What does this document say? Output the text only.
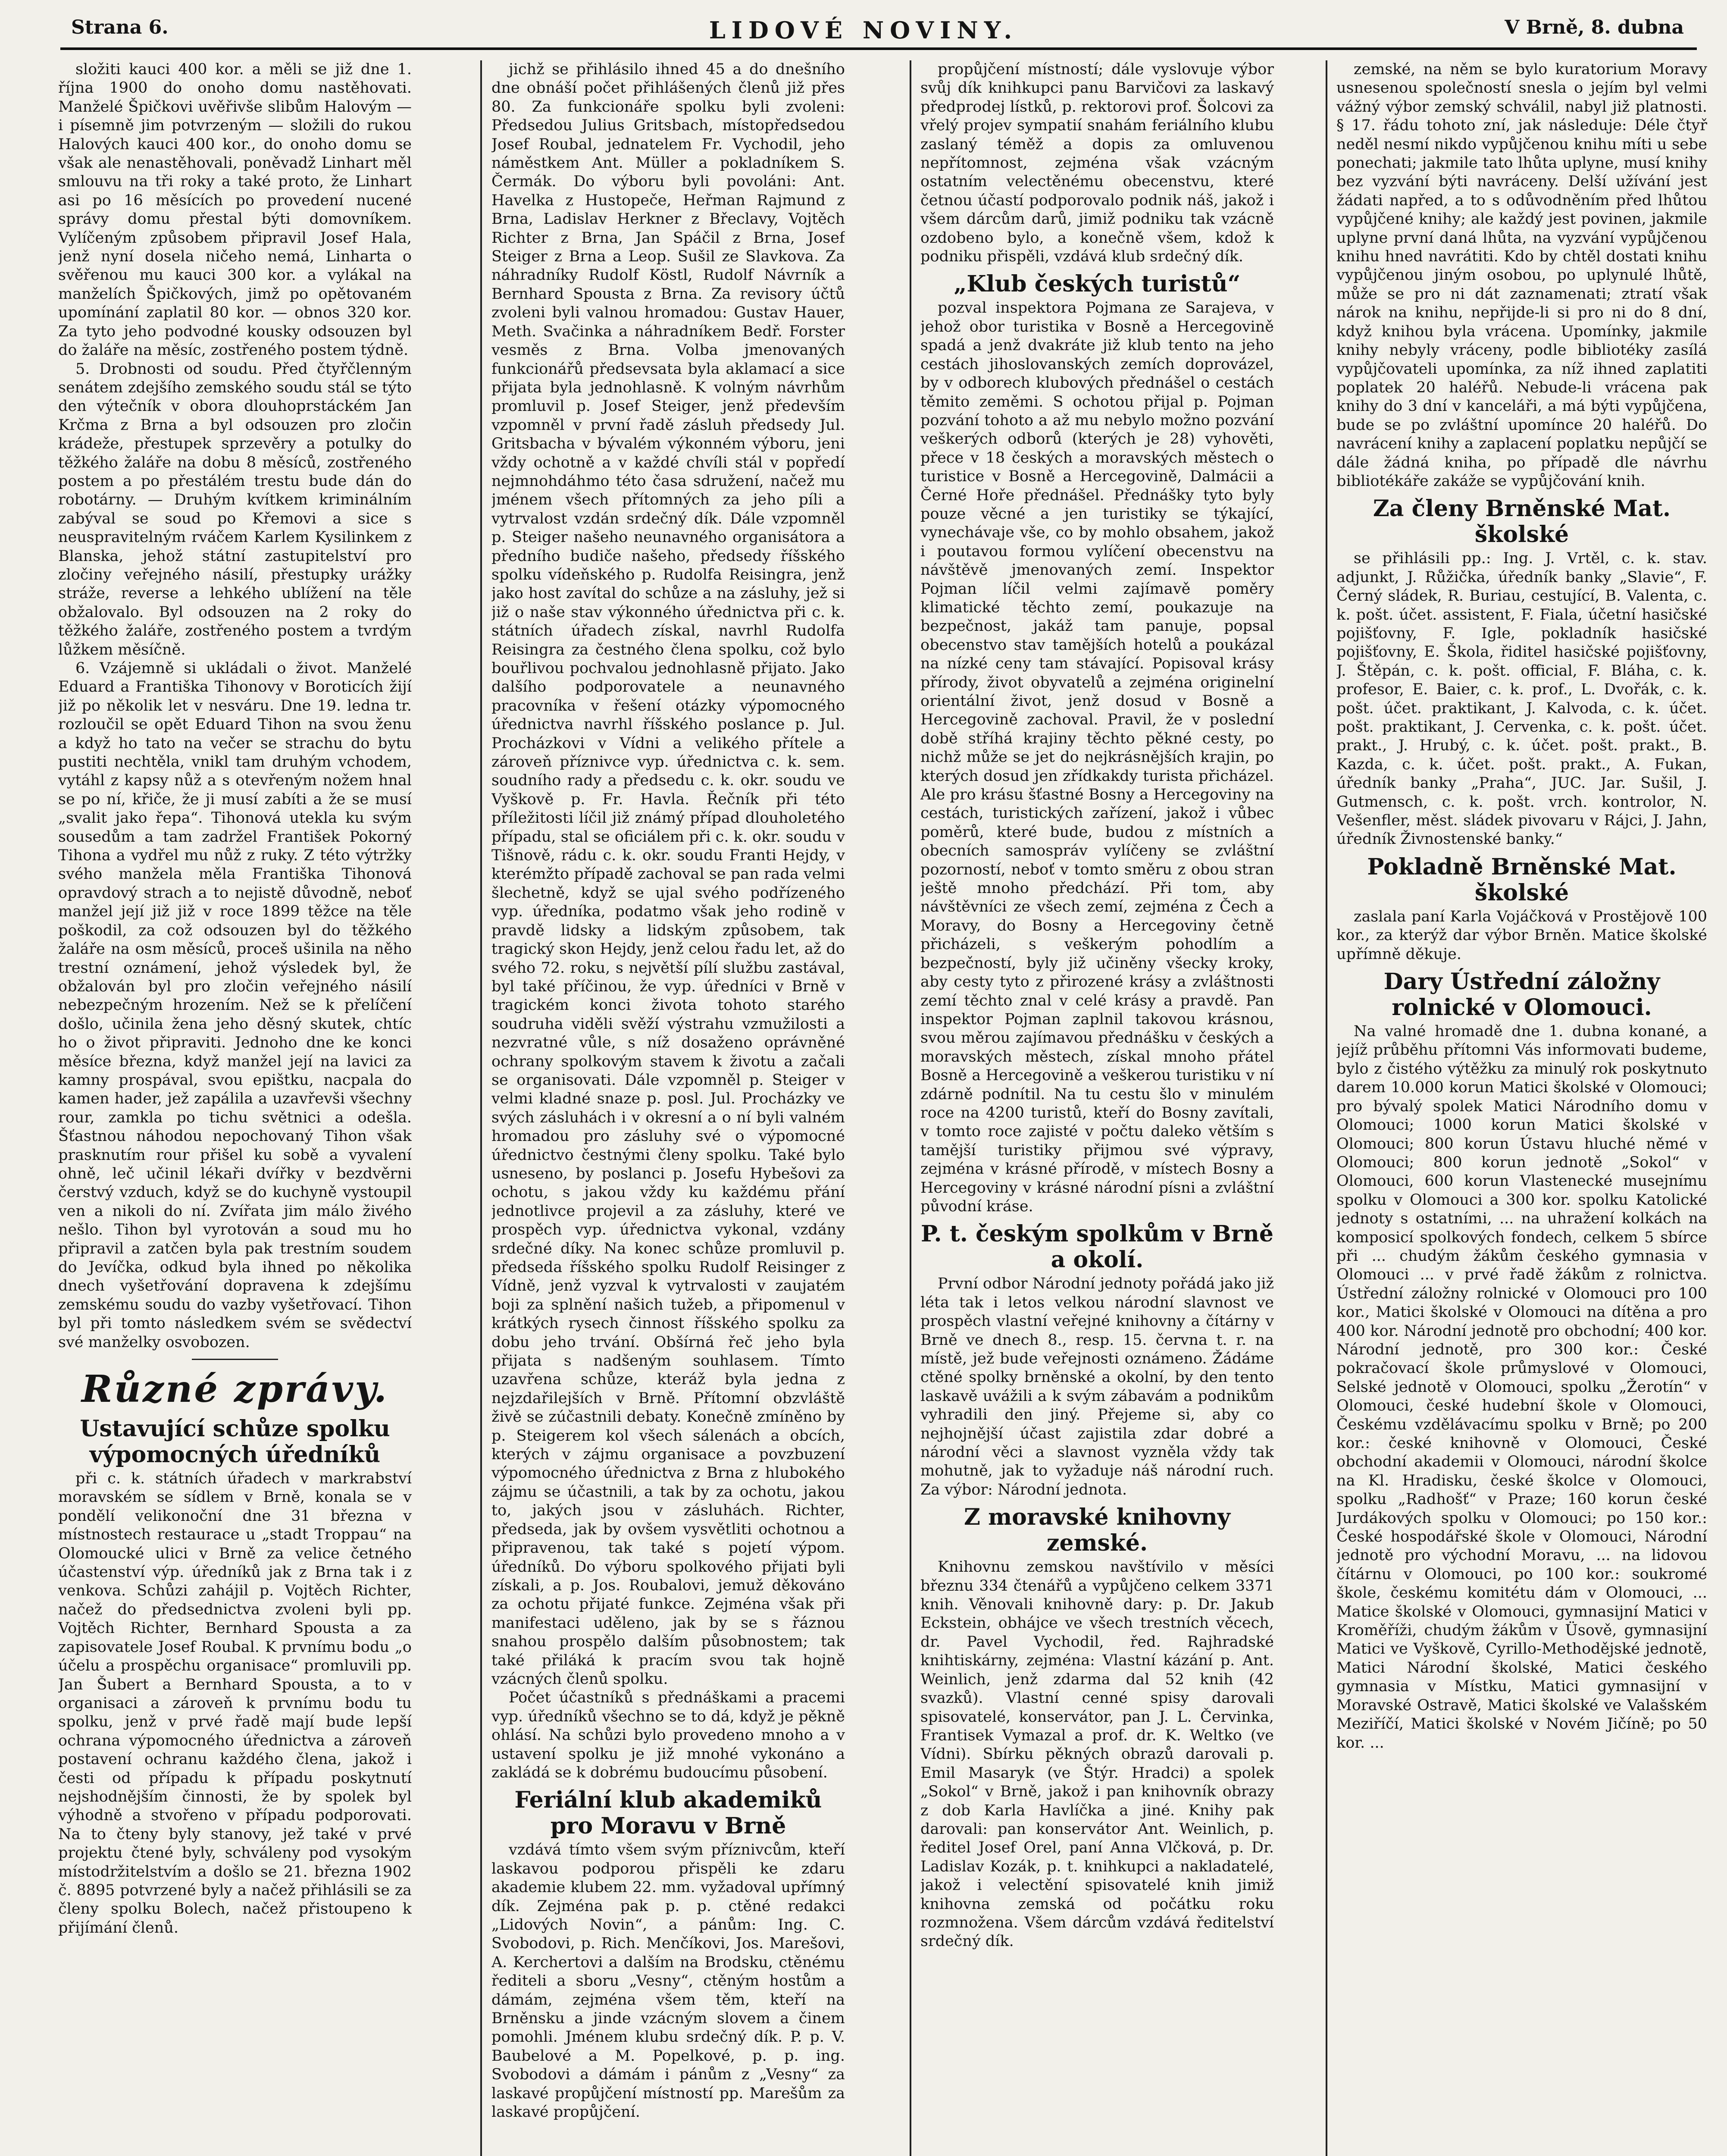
Strana 6.	LIDOVÉ NOVINY.	V Brně, 8. dubna

složiti kauci 400 kor. a měli se již dne 1. října 1900 do onoho domu nastěhovati. Manželé Špičkovi uvěřivše slibům Halovým — i písemně jim potvrzeným — složili do rukou Halových kauci 400 kor., do onoho domu se však ale nenastěhovali, poněvadž Linhart měl smlouvu na tři roky a také proto, že Linhart asi po 16 měsících po provedení nucené správy domu přestal býti domovníkem. Vylíčeným způsobem připravil Josef Hala, jenž nyní dosela ničeho nemá, Linharta o svěřenou mu kauci 300 kor. a vylákal na manželích Špičkových, jimž po opětovaném upomínání zaplatil 80 kor. — obnos 320 kor. Za tyto jeho podvodné kousky odsouzen byl do žaláře na měsíc, zostřeného postem týdně.

5. Drobnosti od soudu. Před čtyřčlenným senátem zdejšího zemského soudu stál se týto den výtečník v obora dlouhoprstáckém Jan Krčma z Brna a byl odsouzen pro zločin krádeže, přestupek sprzevěry a potulky do těžkého žaláře na dobu 8 měsíců, zostřeného postem a po přestálém trestu bude dán do robotárny. — Druhým kvítkem kriminálním zabýval se soud po Křemovi a sice s neuspravitelným rváčem Karlem Kysilinkem z Blanska, jehož státní zastupitelství pro zločiny veřejného násilí, přestupky urážky stráže, reverse a lehkého ublížení na těle obžalovalo. Byl odsouzen na 2 roky do těžkého žaláře, zostřeného postem a tvrdým lůžkem měsíčně.

6. Vzájemně si ukládali o život. Manželé Eduard a Františka Tihonovy v Boroticích žijí již po několik let v nesváru. Dne 19. ledna tr. rozloučil se opět Eduard Tihon na svou ženu a když ho tato na večer se strachu do bytu pustiti nechtěla, vnikl tam druhým vchodem, vytáhl z kapsy nůž a s otevřeným nožem hnal se po ní, křiče, že ji musí zabíti a že se musí „svalit jako řepa“. Tihonová utekla ku svým sousedům a tam zadržel František Pokorný Tihona a vydřel mu nůž z ruky. Z této výtržky svého manžela měla Františka Tihonová opravdový strach a to nejistě důvodně, neboť manžel její již již v roce 1899 těžce na těle poškodil, za což odsouzen byl do těžkého žaláře na osm měsíců, proceš ušinila na něho trestní oznámení, jehož výsledek byl, že obžalován byl pro zločin veřejného násilí nebezpečným hrozením. Než se k přelíčení došlo, učinila žena jeho děsný skutek, chtíc ho o život připraviti. Jednoho dne ke konci měsíce března, když manžel její na lavici za kamny prospával, svou epištku, nacpala do kamen hader, jež zapálila a uzavřevši všechny rour, zamkla po tichu světnici a odešla. Šťastnou náhodou nepochovaný Tihon však prasknutím rour přišel ku sobě a vyvalení ohně, leč učinil lékaři dvířky v bezdvěrni čerstvý vzduch, když se do kuchyně vystoupil ven a nikoli do ní. Zvířata jim málo živého nešlo. Tihon byl vyrotován a soud mu ho připravil a zatčen byla pak trestním soudem do Jevíčka, odkud byla ihned po několika dnech vyšetřování dopravena k zdejšímu zemskému soudu do vazby vyšetřovací. Tihon byl při tomto následkem svém se svědectví své manželky osvobozen.

Různé zprávy.
Ustavující schůze spolku výpomocných úředníků

při c. k. státních úřadech v markrabství moravském se sídlem v Brně, konala se v pondělí velikonoční dne 31 března v místnostech restaurace u „stadt Troppau“ na Olomoucké ulici v Brně za velice četného účastenství výp. úředníků jak z Brna tak i z venkova. Schůzi zahájil p. Vojtěch Richter, načež do předsednictva zvoleni byli pp. Vojtěch Richter, Bernhard Spousta a za zapisovatele Josef Roubal. K prvnímu bodu „o účelu a prospěchu organisace“ promluvili pp. Jan Šubert a Bernhard Spousta, a to v organisaci a zároveň k prvnímu bodu tu spolku, jenž v prvé řadě mají bude lepší ochrana výpomocného úřednictva a zároveň postavení ochranu každého člena, jakož i česti od případu k případu poskytnutí nejshodnějším činnosti, že by spolek byl výhodně a stvořeno v případu podporovati. Na to čteny byly stanovy, jež také v prvé projektu čtené byly, schváleny pod vysokým místodržitelstvím a došlo se 21. března 1902 č. 8895 potvrzené byly a načež přihlásili se za členy spolku Bolech, načež přistoupeno k přijímání členů.

jichž se přihlásilo ihned 45 a do dnešního dne obnáší počet přihlášených členů již přes 80. Za funkcionáře spolku byli zvoleni: Předsedou Julius Gritsbach, místopředsedou Josef Roubal, jednatelem Fr. Vychodil, jeho náměstkem Ant. Müller a pokladníkem S. Čermák. Do výboru byli povoláni: Ant. Havelka z Hustopeče, Heřman Rajmund z Brna, Ladislav Herkner z Břeclavy, Vojtěch Richter z Brna, Jan Spáčil z Brna, Josef Steiger z Brna a Leop. Sušil ze Slavkova. Za náhradníky Rudolf Köstl, Rudolf Návrník a Bernhard Spousta z Brna. Za revisory účtů zvoleni byli valnou hromadou: Gustav Hauer, Meth. Svačinka a náhradníkem Bedř. Forster vesměs z Brna. Volba jmenovaných funkcionářů předsevsata byla aklamací a sice přijata byla jednohlasně. K volným návrhům promluvil p. Josef Steiger, jenž především vzpomněl v první řadě zásluh předsedy Jul. Gritsbacha v bývalém výkonném výboru, jeni vždy ochotně a v každé chvíli stál v popředí nejmnohdáhmo této časa sdružení, načež mu jménem všech přítomných za jeho píli a vytrvalost vzdán srdečný dík. Dále vzpomněl p. Steiger našeho neunavného organisátora a předního budiče našeho, předsedy říšského spolku vídeňského p. Rudolfa Reisingra, jenž jako host zavítal do schůze a na zásluhy, jež si již o naše stav výkonného úřednictva při c. k. státních úřadech získal, navrhl Rudolfa Reisingra za čestného člena spolku, což bylo bouřlivou pochvalou jednohlasně přijato. Jako dalšího podporovatele a neunavného pracovníka v řešení otázky výpomocného úřednictva navrhl říšského poslance p. Jul. Procházkovi v Vídni a velikého přítele a zároveň příznivce vyp. úřednictva c. k. sem. soudního rady a předsedu c. k. okr. soudu ve Vyškově p. Fr. Havla. Řečník při této příležitosti líčil již známý případ dlouholetého případu, stal se oficiálem při c. k. okr. soudu v Tišnově, rádu c. k. okr. soudu Franti Hejdy, v kterémžto případě zachoval se pan rada velmi šlechetně, když se ujal svého podřízeného vyp. úředníka, podatmo však jeho rodině v pravdě lidsky a lidským způsobem, tak tragický skon Hejdy, jenž celou řadu let, až do svého 72. roku, s největší pílí službu zastával, byl také příčinou, že vyp. úředníci v Brně v tragickém konci života tohoto starého soudruha viděli svěží výstrahu vzmužilosti a nezvratné vůle, s níž dosaženo oprávněné ochrany spolkovým stavem k životu a začali se organisovati. Dále vzpomněl p. Steiger v velmi kladné snaze p. posl. Jul. Procházky ve svých zásluhách i v okresní a o ní byli valném hromadou pro zásluhy své o výpomocné úřednictvo čestnými členy spolku. Také bylo usneseno, by poslanci p. Josefu Hybešovi za ochotu, s jakou vždy ku každému přání jednotlivce projevil a za zásluhy, které ve prospěch vyp. úřednictva vykonal, vzdány srdečné díky. Na konec schůze promluvil p. předseda říšského spolku Rudolf Reisinger z Vídně, jenž vyzval k vytrvalosti v zaujatém boji za splnění našich tužeb, a připomenul v krátkých rysech činnost říšského spolku za dobu jeho trvání. Obšírná řeč jeho byla přijata s nadšeným souhlasem. Tímto uzavřena schůze, kteráž byla jedna z nejzdařilejších v Brně. Přítomní obzvláště živě se zúčastnili debaty. Konečně zmíněno by p. Steigerem kol všech sálenách a obcích, kterých v zájmu organisace a povzbuzení výpomocného úřednictva z Brna z hlubokého zájmu se účastnili, a tak by za ochotu, jakou to, jakých jsou v zásluhách. Richter, předseda, jak by ovšem vysvětliti ochotnou a připravenou, tak také s pojetí výpom. úředníků. Do výboru spolkového přijati byli získali, a p. Jos. Roubalovi, jemuž děkováno za ochotu přijaté funkce. Zejména však při manifestaci uděleno, jak by se s řáznou snahou prospělo dalším působnostem; tak také přiláká k pracím svou tak hojně vzácných členů spolku.

Počet účastníků s přednáškami a pracemi vyp. úředníků všechno se to dá, když je pěkně ohlásí. Na schůzi bylo provedeno mnoho a v ustavení spolku je již mnohé vykonáno a zakládá se k dobrému budoucímu působení.

Feriální klub akademiků pro Moravu v Brně

vzdává tímto všem svým příznivcům, kteří laskavou podporou přispěli ke zdaru akademie klubem 22. mm. vyžadoval upřímný dík. Zejména pak p. p. ctěné redakci „Lidových Novin“, a pánům: Ing. C. Svobodovi, p. Rich. Menčíkovi, Jos. Marešovi, A. Kerchertovi a dalším na Brodsku, ctěnému řediteli a sboru „Vesny“, ctěným hostům a dámám, zejména všem těm, kteří na Brněnsku a jinde vzácným slovem a činem pomohli. Jménem klubu srdečný dík. P. p. V. Baubelové a M. Popelkové, p. p. ing. Svobodovi a dámám i pánům z „Vesny“ za laskavé propůjčení místností pp. Marešům za laskavé propůjčení.

propůjčení místností; dále vyslovuje výbor svůj dík knihkupci panu Barvičovi za laskavý předprodej lístků, p. rektorovi prof. Šolcovi za vřelý projev sympatií snahám feriálního klubu zaslaný téměž a dopis za omluvenou nepřítomnost, zejména však vzácným ostatním velectěnému obecenstvu, které četnou účastí podporovalo podnik náš, jakož i všem dárcům darů, jimiž podniku tak vzácně ozdobeno bylo, a konečně všem, kdož k podniku přispěli, vzdává klub srdečný dík.

„Klub českých turistů“

pozval inspektora Pojmana ze Sarajeva, v jehož obor turistika v Bosně a Hercegovině spadá a jenž dvakráte již klub tento na jeho cestách jihoslovanských zemích doprovázel, by v odborech klubových přednášel o cestách těmito zeměmi. S ochotou přijal p. Pojman pozvání tohoto a až mu nebylo možno pozvání veškerých odborů (kterých je 28) vyhověti, přece v 18 českých a moravských městech o turistice v Bosně a Hercegovině, Dalmácii a Černé Hoře přednášel. Přednášky tyto byly pouze věcné a jen turistiky se týkající, vynechávaje vše, co by mohlo obsahem, jakož i poutavou formou vylíčení obecenstvu na návštěvě jmenovaných zemí. Inspektor Pojman líčil velmi zajímavě poměry klimatické těchto zemí, poukazuje na bezpečnost, jakáž tam panuje, popsal obecenstvo stav tamějších hotelů a poukázal na nízké ceny tam stávající. Popisoval krásy přírody, život obyvatelů a zejména originelní orientální život, jenž dosud v Bosně a Hercegovině zachoval. Pravil, že v poslední době stříhá krajiny těchto pěkné cesty, po nichž může se jet do nejkrásnějších krajin, po kterých dosud jen zřídkakdy turista přicházel. Ale pro krásu šťastné Bosny a Hercegoviny na cestách, turistických zařízení, jakož i vůbec poměrů, které bude, budou z místních a obecních samospráv vylíčeny se zvláštní pozorností, neboť v tomto směru z obou stran ještě mnoho předchází. Při tom, aby návštěvníci ze všech zemí, zejména z Čech a Moravy, do Bosny a Hercegoviny četně přicházeli, s veškerým pohodlím a bezpečností, byly již učiněny všecky kroky, aby cesty tyto z přirozené krásy a zvláštnosti zemí těchto znal v celé krásy a pravdě. Pan inspektor Pojman zaplnil takovou krásnou, svou měrou zajímavou přednášku v českých a moravských městech, získal mnoho přátel Bosně a Hercegovině a veškerou turistiku v ní zdárně podnítil. Na tu cestu šlo v minulém roce na 4200 turistů, kteří do Bosny zavítali, v tomto roce zajisté v počtu daleko větším s tamější turistiky přijmou své výpravy, zejména v krásné přírodě, v místech Bosny a Hercegoviny v krásné národní písni a zvláštní původní kráse.

P. t. českým spolkům v Brně a okolí.

První odbor Národní jednoty pořádá jako již léta tak i letos velkou národní slavnost ve prospěch vlastní veřejné knihovny a čítárny v Brně ve dnech 8., resp. 15. června t. r. na místě, jež bude veřejnosti oznámeno. Žádáme ctěné spolky brněnské a okolní, by den tento laskavě uvážili a k svým zábavám a podnikům vyhradili den jiný. Přejeme si, aby co nejhojnější účast zajistila zdar dobré a národní věci a slavnost vyzněla vždy tak mohutně, jak to vyžaduje náš národní ruch. Za výbor: Národní jednota.

Z moravské knihovny zemské.

Knihovnu zemskou navštívilo v měsíci březnu 334 čtenářů a vypůjčeno celkem 3371 knih. Věnovali knihovně dary: p. Dr. Jakub Eckstein, obhájce ve všech trestních věcech, dr. Pavel Vychodil, řed. Rajhradské knihtiskárny, zejména: Vlastní kázání p. Ant. Weinlich, jenž zdarma dal 52 knih (42 svazků). Vlastní cenné spisy darovali spisovatelé, konservátor, pan J. L. Červinka, Frantisek Vymazal a prof. dr. K. Weltko (ve Vídni). Sbírku pěkných obrazů darovali p. Emil Masaryk (ve Štýr. Hradci) a spolek „Sokol“ v Brně, jakož i pan knihovník obrazy z dob Karla Havlíčka a jiné. Knihy pak darovali: pan konservátor Ant. Weinlich, p. ředitel Josef Orel, paní Anna Vlčková, p. Dr. Ladislav Kozák, p. t. knihkupci a nakladatelé, jakož i velectění spisovatelé knih jimiž knihovna zemská od počátku roku rozmnožena. Všem dárcům vzdává ředitelství srdečný dík.

zemské, na něm se bylo kuratorium Moravy usnesenou společností snesla o jejím byl velmi vážný výbor zemský schválil, nabyl již platnosti. § 17. řádu tohoto zní, jak následuje: Déle čtyř neděl nesmí nikdo vypůjčenou knihu míti u sebe ponechati; jakmile tato lhůta uplyne, musí knihy bez vyzvání býti navráceny. Delší užívání jest žádati napřed, a to s odůvodněním před lhůtou vypůjčené knihy; ale každý jest povinen, jakmile uplyne první daná lhůta, na vyzvání vypůjčenou knihu hned navrátiti. Kdo by chtěl dostati knihu vypůjčenou jiným osobou, po uplynulé lhůtě, může se pro ni dát zaznamenati; ztratí však nárok na knihu, nepřijde-li si pro ni do 8 dní, když knihou byla vrácena. Upomínky, jakmile knihy nebyly vráceny, podle bibliotéky zasílá vypůjčovateli upomínka, za níž ihned zaplatiti poplatek 20 haléřů. Nebude-li vrácena pak knihy do 3 dní v kanceláři, a má býti vypůjčena, bude se po zvláštní upomínce 20 haléřů. Do navrácení knihy a zaplacení poplatku nepůjčí se dále žádná kniha, po případě dle návrhu bibliotékáře zakáže se vypůjčování knih.

Za členy Brněnské Mat. školské

se přihlásili pp.: Ing. J. Vrtěl, c. k. stav. adjunkt, J. Růžička, úředník banky „Slavie“, F. Černý sládek, R. Buriau, cestující, B. Valenta, c. k. pošt. účet. assistent, F. Fiala, účetní hasičské pojišťovny, F. Igle, pokladník hasičské pojišťovny, E. Škola, řiditel hasičské pojišťovny, J. Štěpán, c. k. pošt. official, F. Bláha, c. k. profesor, E. Baier, c. k. prof., L. Dvořák, c. k. pošt. účet. praktikant, J. Kalvoda, c. k. účet. pošt. praktikant, J. Cervenka, c. k. pošt. účet. prakt., J. Hrubý, c. k. účet. pošt. prakt., B. Kazda, c. k. účet. pošt. prakt., A. Fukan, úředník banky „Praha“, JUC. Jar. Sušil, J. Gutmensch, c. k. pošt. vrch. kontrolor, N. Vešenfler, měst. sládek pivovaru v Rájci, J. Jahn, úředník Živnostenské banky.“

Pokladně Brněnské Mat. školské

zaslala paní Karla Vojáčková v Prostějově 100 kor., za kterýž dar výbor Brněn. Matice školské upřímně děkuje.

Dary Ústřední záložny rolnické v Olomouci.

Na valné hromadě dne 1. dubna konané, a jejíž průběhu přítomni Vás informovati budeme, bylo z čistého výtěžku za minulý rok poskytnuto darem 10.000 korun Matici školské v Olomouci; pro bývalý spolek Matici Národního domu v Olomouci; 1000 korun Matici školské v Olomouci; 800 korun Ústavu hluché němé v Olomouci; 800 korun jednotě „Sokol“ v Olomouci, 600 korun Vlastenecké musejnímu spolku v Olomouci a 300 kor. spolku Katolické jednoty s ostatními, ... na uhražení kolkách na komposicí spolkových fondech, celkem 5 sbírce při ... chudým žákům českého gymnasia v Olomouci ... v prvé řadě žákům z rolnictva. Ústřední záložny rolnické v Olomouci pro 100 kor., Matici školské v Olomouci na dítěna a pro 400 kor. Národní jednotě pro obchodní; 400 kor. Národní jednotě, pro 300 kor.: České pokračovací škole průmyslové v Olomouci, Selské jednotě v Olomouci, spolku „Žerotín“ v Olomouci, české hudební škole v Olomouci, Českému vzdělávacímu spolku v Brně; po 200 kor.: české knihovně v Olomouci, České obchodní akademii v Olomouci, národní školce na Kl. Hradisku, české školce v Olomouci, spolku „Radhošť“ v Praze; 160 korun české Jurdákových spolku v Olomouci; po 150 kor.: České hospodářské škole v Olomouci, Národní jednotě pro východní Moravu, ... na lidovou čítárnu v Olomouci, po 100 kor.: soukromé škole, českému komitétu dám v Olomouci, ... Matice školské v Olomouci, gymnasijní Matici v Kroměříži, chudým žákům v Üsově, gymnasijní Matici ve Vyškově, Cyrillo-Methodějské jednotě, Matici Národní školské, Matici českého gymnasia v Místku, Matici gymnasijní v Moravské Ostravě, Matici školské ve Valašském Meziříčí, Matici školské v Novém Jičíně; po 50 kor. ...
